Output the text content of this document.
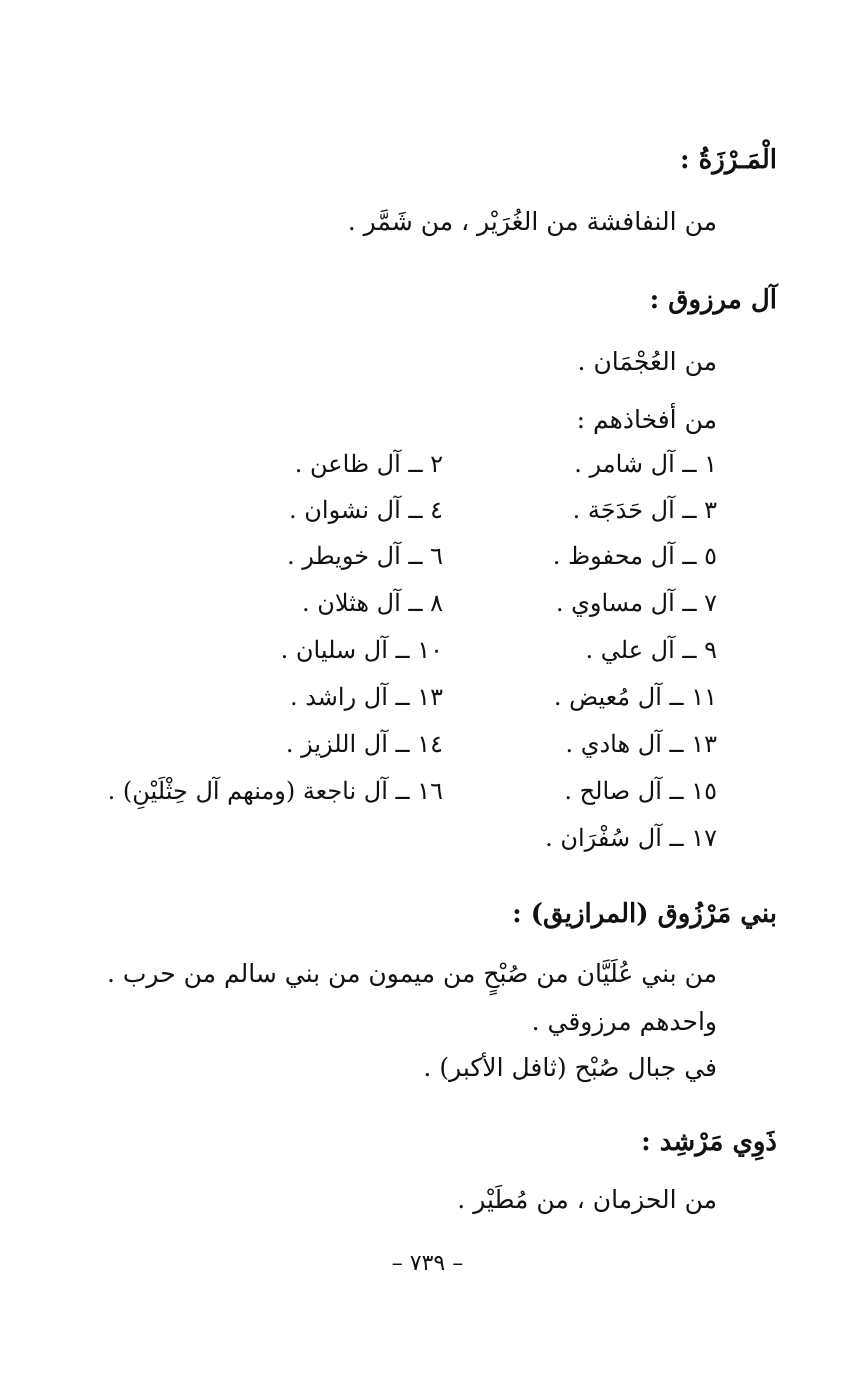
الْمَـرْزَةُ :
من النفافشة من الغُرَيْر ، من شَمَّر .
آل مرزوق :
من العُجْمَان .
من أفخاذهم :
١ ــ آل شامر .
٣ ــ آل حَدَجَة .
٥ ــ آل محفوظ .
٧ ــ آل مساوي .
٩ ــ آل علي .
١١ ــ آل مُعيض .
١٣ ــ آل هادي .
١٥ ــ آل صالح .
١٧ ــ آل سُفْرَان .
٢ ــ آل ظاعن .
٤ ــ آل نشوان .
٦ ــ آل خويطر .
٨ ــ آل هثلان .
١٠ ــ آل سليان .
١٣ ــ آل راشد .
١٤ ــ آل اللزيز .
١٦ ــ آل ناجعة (ومنهم آل حِثْلَيْنِ) .
بني مَرْزُوق (المرازيق) :
من بني عُلَيَّان من صُبْحٍ من ميمون من بني سالم من حرب .
واحدهم مرزوقي .
في جبال صُبْح (ثافل الأكبر) .
ذَوِي مَرْشِد :
من الحزمان ، من مُطَيْر .
– ٧٣٩ –
